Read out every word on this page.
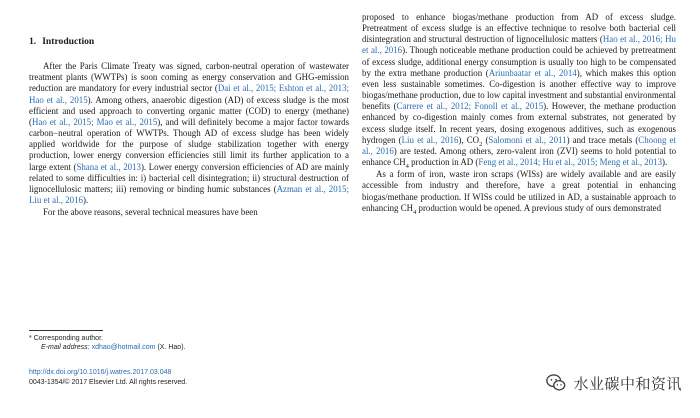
1. Introduction

After the Paris Climate Treaty was signed, carbon-neutral operation of wastewater treatment plants (WWTPs) is soon coming as energy conservation and GHG-emission reduction are mandatory for every industrial sector (Dai et al., 2015; Eshton et al., 2013; Hao et al., 2015). Among others, anaerobic digestion (AD) of excess sludge is the most efficient and used approach to converting organic matter (COD) to energy (methane) (Hao et al., 2015; Mao et al., 2015), and will definitely become a major factor towards carbon−neutral operation of WWTPs. Though AD of excess sludge has been widely applied worldwide for the purpose of sludge stabilization together with energy production, lower energy conversion efficiencies still limit its further application to a large extent (Shana et al., 2013). Lower energy conversion efficiencies of AD are mainly related to some difficulties in: i) bacterial cell disintegration; ii) structural destruction of lignocellulosic matters; iii) removing or binding humic substances (Azman et al., 2015; Liu et al., 2016).

For the above reasons, several technical measures have been

proposed to enhance biogas/methane production from AD of excess sludge. Pretreatment of excess sludge is an effective technique to resolve both bacterial cell disintegration and structural destruction of lignocellulosic matters (Hao et al., 2016; Hu et al., 2016). Though noticeable methane production could be achieved by pretreatment of excess sludge, additional energy consumption is usually too high to be compensated by the extra methane production (Ariunbaatar et al., 2014), which makes this option even less sustainable sometimes. Co-digestion is another effective way to improve biogas/methane production, due to low capital investment and substantial environmental benefits (Carrere et al., 2012; Fonoll et al., 2015). However, the methane production enhanced by co-digestion mainly comes from external substrates, not generated by excess sludge itself. In recent years, dosing exogenous additives, such as exogenous hydrogen (Liu et al., 2016), $CO_2$ (Salomoni et al., 2011) and trace metals (Choong et al., 2016) are tested. Among others, zero-valent iron (ZVI) seems to hold potential to enhance $CH_4$ production in AD (Feng et al., 2014; Hu et al., 2015; Meng et al., 2013).

As a form of iron, waste iron scraps (WISs) are widely available and are easily accessible from industry and therefore, have a great potential in enhancing biogas/methane production. If WISs could be utilized in AD, a sustainable approach to enhancing $CH_4$ production would be opened. A previous study of ours demonstrated

* Corresponding author.
E-mail address: xdhao@hotmail.com (X. Hao).
http://dx.doi.org/10.1016/j.watres.2017.03.048
0043-1354/© 2017 Elsevier Ltd. All rights reserved.	水业碳中和资讯
